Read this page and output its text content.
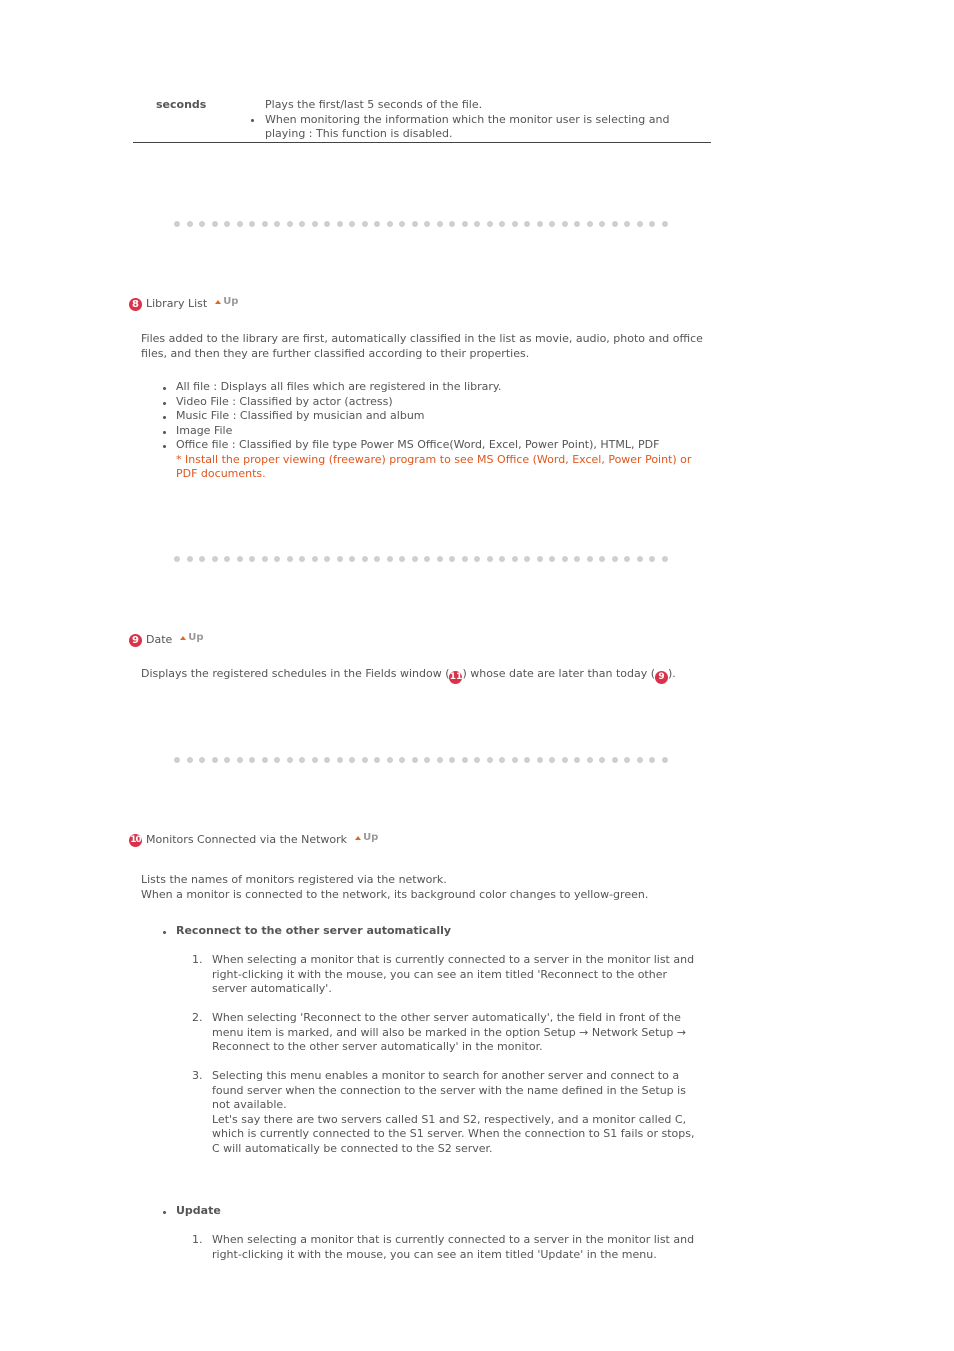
seconds	Plays the first/last 5 seconds of the file.
When monitoring the information which the monitor user is selecting and playing : This function is disabled.
8 Library List Up
Files added to the library are first, automatically classified in the list as movie, audio, photo and office files, and then they are further classified according to their properties.
All file : Displays all files which are registered in the library.
Video File : Classified by actor (actress)
Music File : Classified by musician and album
Image File
Office file : Classified by file type Power MS Office(Word, Excel, Power Point), HTML, PDF
* Install the proper viewing (freeware) program to see MS Office (Word, Excel, Power Point) or PDF documents.
9 Date Up
Displays the registered schedules in the Fields window (11) whose date are later than today ( 9 ).
10 Monitors Connected via the Network Up
Lists the names of monitors registered via the network.
When a monitor is connected to the network, its background color changes to yellow-green.
Reconnect to the other server automatically
1. When selecting a monitor that is currently connected to a server in the monitor list and right-clicking it with the mouse, you can see an item titled 'Reconnect to the other server automatically'.
2. When selecting 'Reconnect to the other server automatically', the field in front of the menu item is marked, and will also be marked in the option Setup → Network Setup → Reconnect to the other server automatically' in the monitor.
3. Selecting this menu enables a monitor to search for another server and connect to a found server when the connection to the server with the name defined in the Setup is not available.
Let's say there are two servers called S1 and S2, respectively, and a monitor called C, which is currently connected to the S1 server. When the connection to S1 fails or stops, C will automatically be connected to the S2 server.
Update
1. When selecting a monitor that is currently connected to a server in the monitor list and right-clicking it with the mouse, you can see an item titled 'Update' in the menu.
